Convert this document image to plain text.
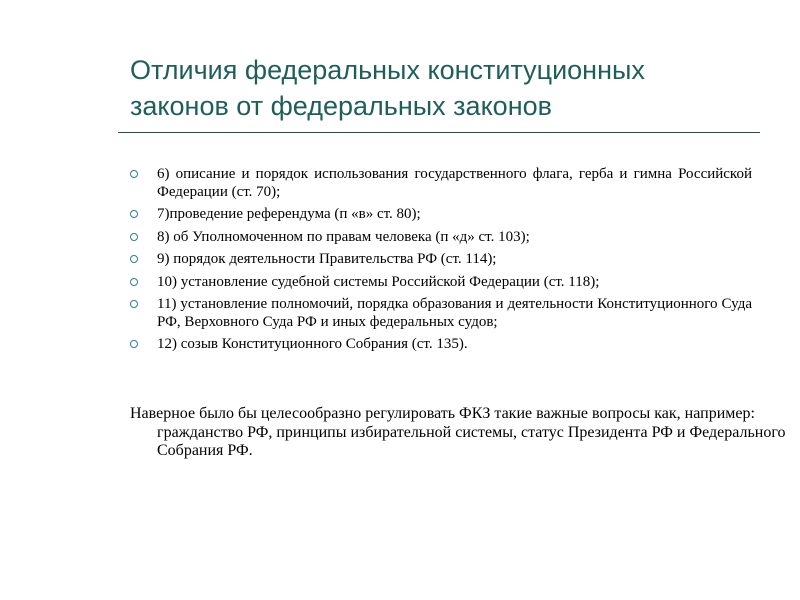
Отличия федеральных конституционных
законов от федеральных законов
6) описание и порядок использования государственного флага, герба и гимна Российской Федерации (ст. 70);
7)проведение референдума (п «в» ст. 80);
8) об Уполномоченном по правам человека (п «д» ст. 103);
9) порядок деятельности Правительства РФ (ст. 114);
10) установление судебной системы Российской Федерации (ст. 118);
11) установление полномочий, порядка образования и деятельности Конституционного Суда РФ, Верховного Суда РФ и иных федеральных судов;
12) созыв Конституционного Собрания (ст. 135).

Наверное было бы целесообразно регулировать ФКЗ такие важные вопросы как, например: гражданство РФ, принципы избирательной системы, статус Президента РФ и Федерального Собрания РФ.
